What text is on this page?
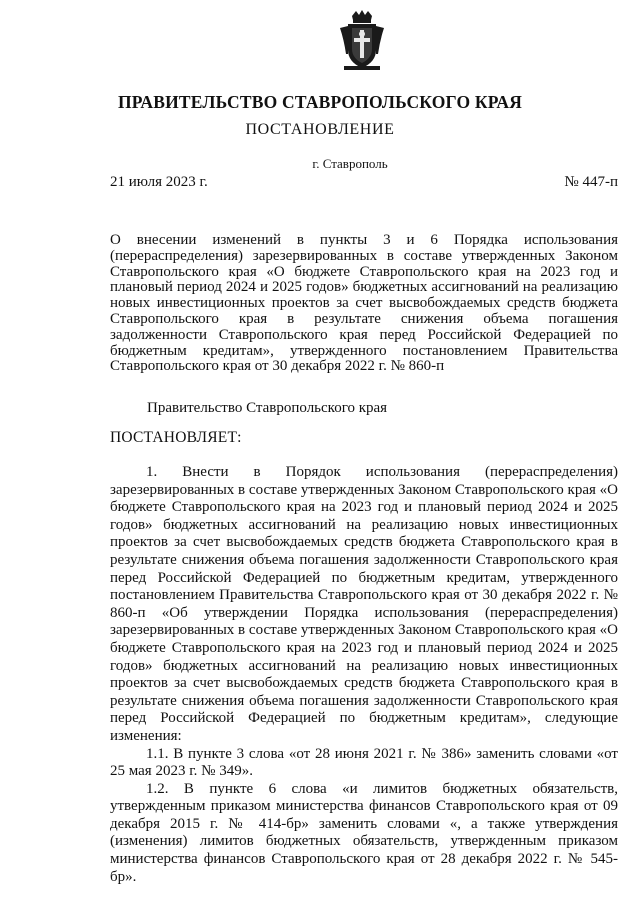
ПРАВИТЕЛЬСТВО СТАВРОПОЛЬСКОГО КРАЯ
ПОСТАНОВЛЕНИЕ
г. Ставрополь
21 июля 2023 г.	№ 447-п
О внесении изменений в пункты 3 и 6 Порядка использования (перераспределения) зарезервированных в составе утвержденных Законом Ставропольского края «О бюджете Ставропольского края на 2023 год и плановый период 2024 и 2025 годов» бюджетных ассигнований на реализацию новых инвестиционных проектов за счет высвобождаемых средств бюджета Ставропольского края в результате снижения объема погашения задолженности Ставропольского края перед Российской Федерацией по бюджетным кредитам», утвержденного постановлением Правительства Ставропольского края от 30 декабря 2022 г. № 860-п
Правительство Ставропольского края
ПОСТАНОВЛЯЕТ:

1. Внести в Порядок использования (перераспределения) зарезервированных в составе утвержденных Законом Ставропольского края «О бюджете Ставропольского края на 2023 год и плановый период 2024 и 2025 годов» бюджетных ассигнований на реализацию новых инвестиционных проектов за счет высвобождаемых средств бюджета Ставропольского края в результате снижения объема погашения задолженности Ставропольского края перед Российской Федерацией по бюджетным кредитам, утвержденного постановлением Правительства Ставропольского края от 30 декабря 2022 г. № 860-п «Об утверждении Порядка использования (перераспределения) зарезервированных в составе утвержденных Законом Ставропольского края «О бюджете Ставропольского края на 2023 год и плановый период 2024 и 2025 годов» бюджетных ассигнований на реализацию новых инвестиционных проектов за счет высвобождаемых средств бюджета Ставропольского края в результате снижения объема погашения задолженности Ставропольского края перед Российской Федерацией по бюджетным кредитам», следующие изменения:

1.1. В пункте 3 слова «от 28 июня 2021 г. № 386» заменить словами «от 25 мая 2023 г. № 349».

1.2. В пункте 6 слова «и лимитов бюджетных обязательств, утвержденным приказом министерства финансов Ставропольского края от 09 декабря 2015 г. № 414-бр» заменить словами «, а также утверждения (изменения) лимитов бюджетных обязательств, утвержденным приказом министерства финансов Ставропольского края от 28 декабря 2022 г. № 545-бр».
